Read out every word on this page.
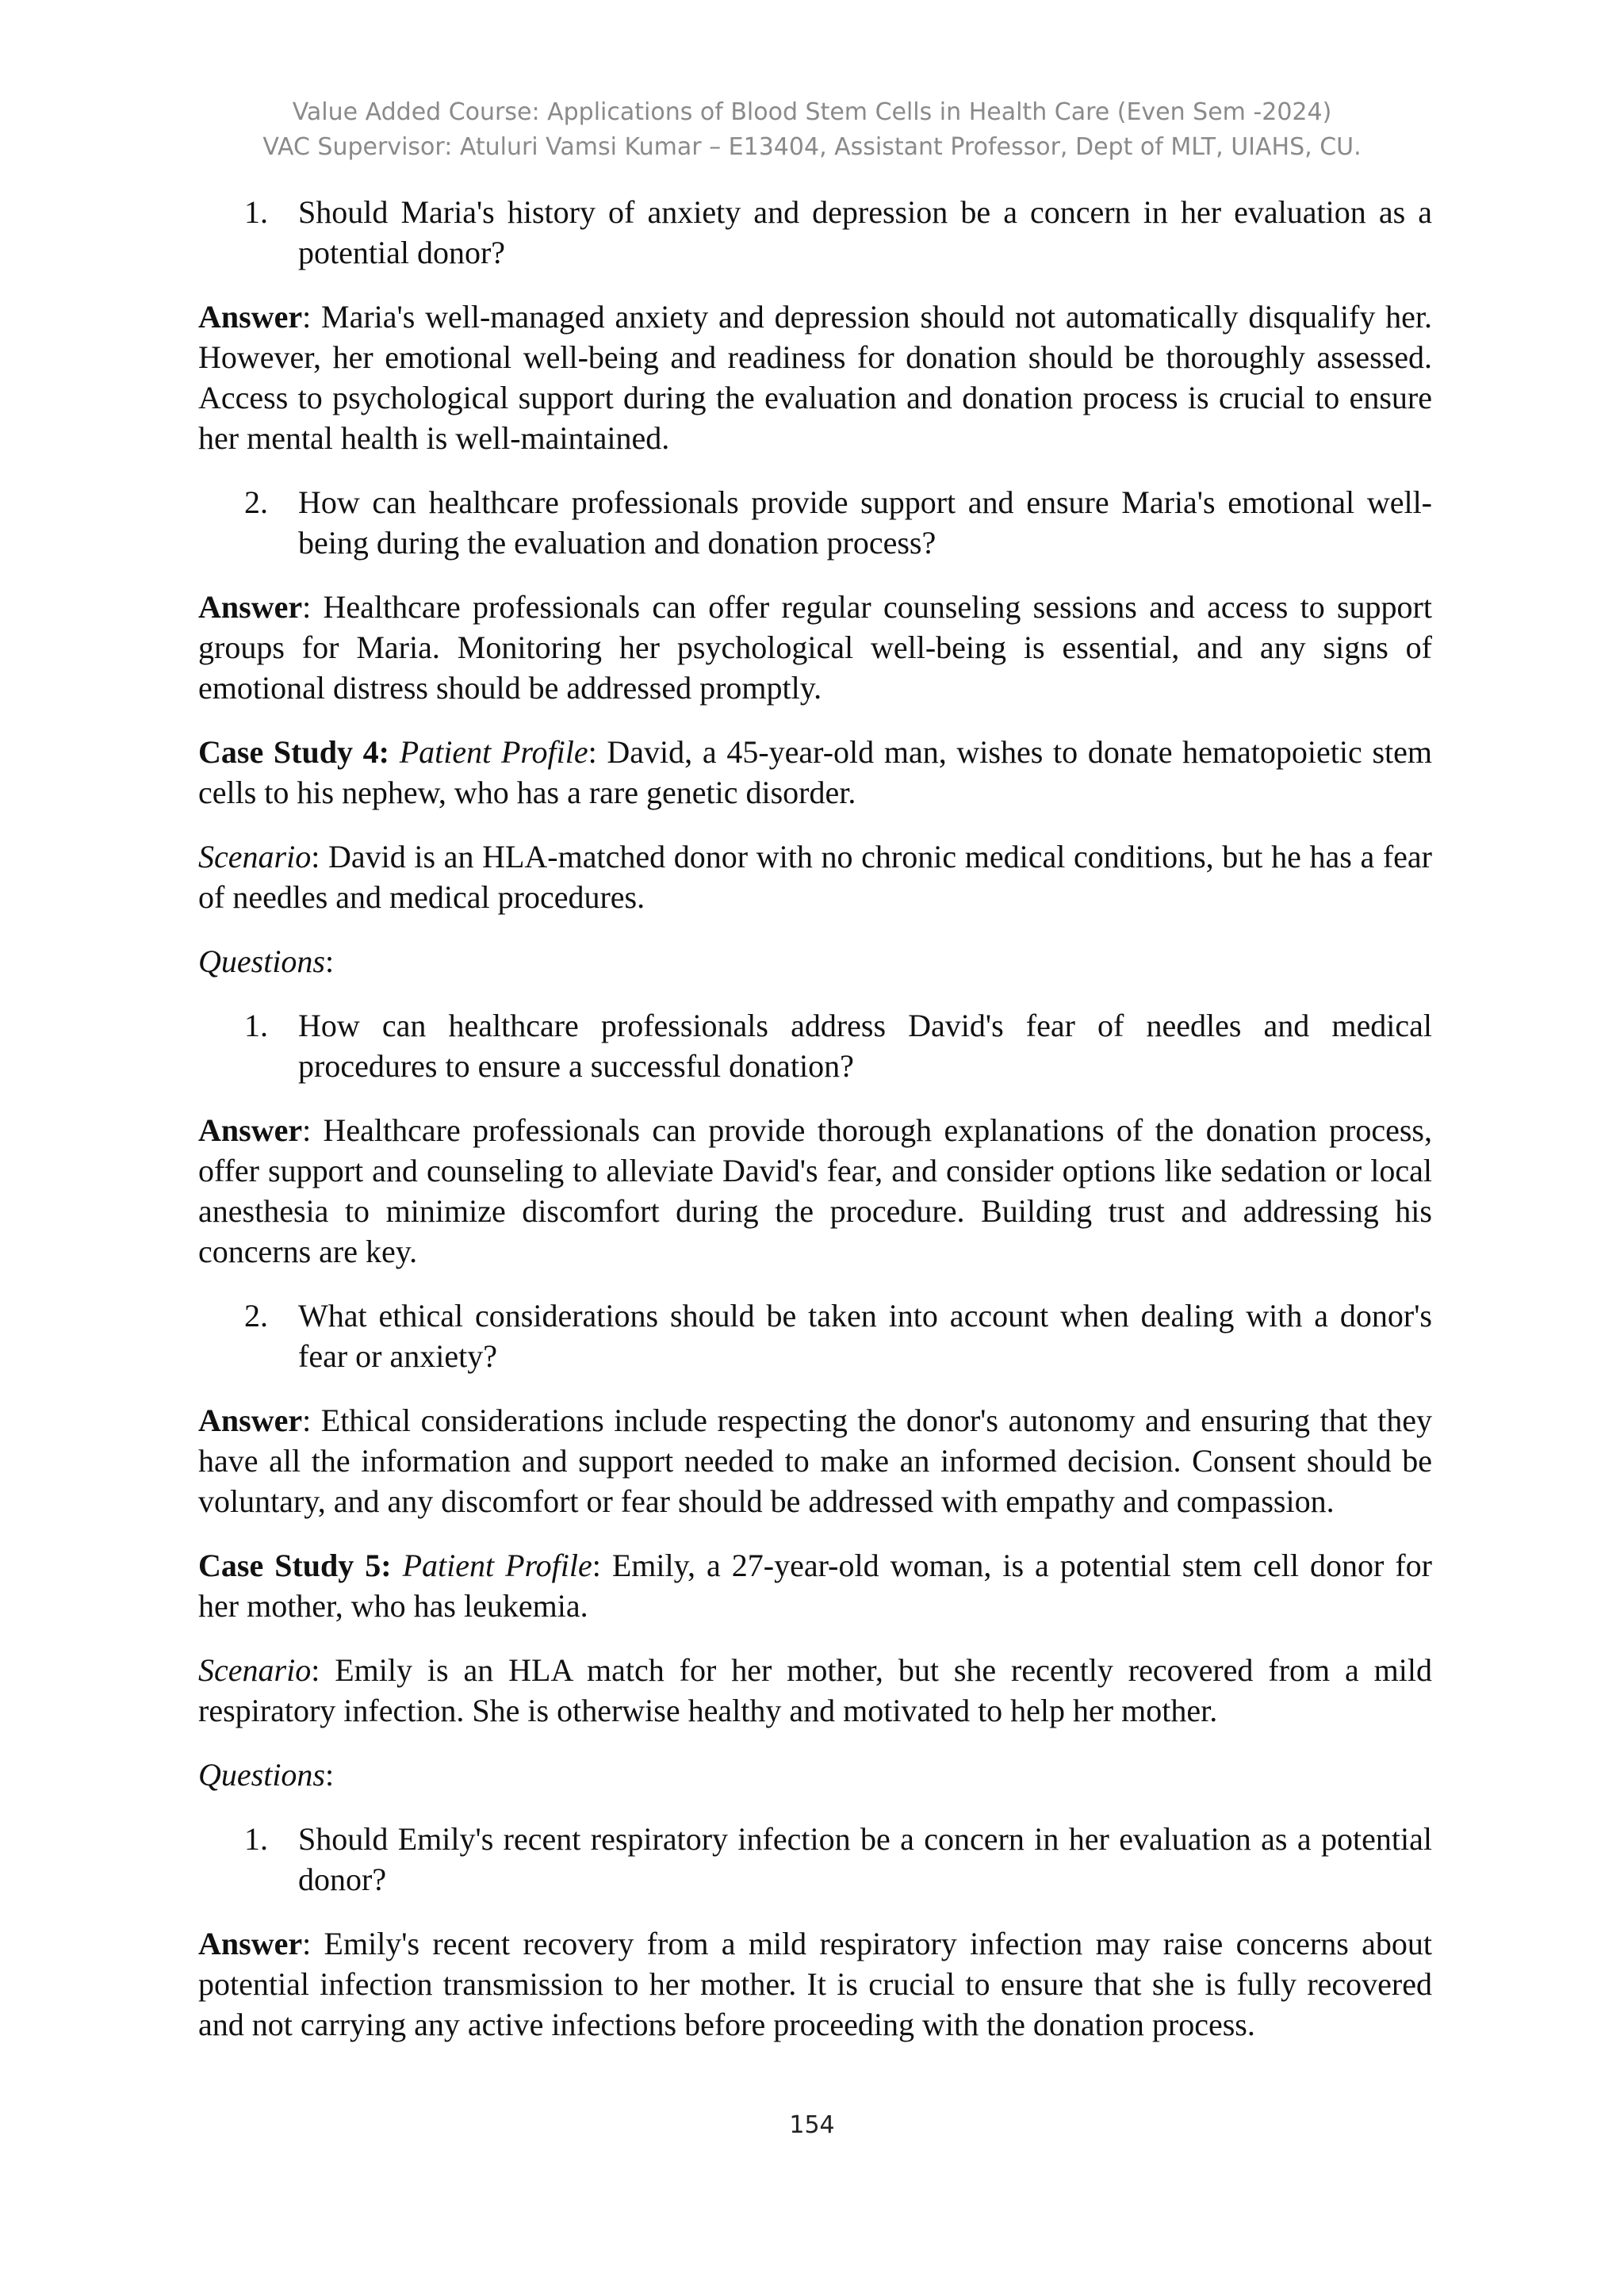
Value Added Course: Applications of Blood Stem Cells in Health Care (Even Sem -2024)
VAC Supervisor: Atuluri Vamsi Kumar – E13404, Assistant Professor, Dept of MLT, UIAHS, CU.
1. Should Maria's history of anxiety and depression be a concern in her evaluation as a potential donor?

Answer: Maria's well-managed anxiety and depression should not automatically disqualify her. However, her emotional well-being and readiness for donation should be thoroughly assessed. Access to psychological support during the evaluation and donation process is crucial to ensure her mental health is well-maintained.

2. How can healthcare professionals provide support and ensure Maria's emotional well-being during the evaluation and donation process?

Answer: Healthcare professionals can offer regular counseling sessions and access to support groups for Maria. Monitoring her psychological well-being is essential, and any signs of emotional distress should be addressed promptly.

Case Study 4: Patient Profile: David, a 45-year-old man, wishes to donate hematopoietic stem cells to his nephew, who has a rare genetic disorder.

Scenario: David is an HLA-matched donor with no chronic medical conditions, but he has a fear of needles and medical procedures.

Questions:

1. How can healthcare professionals address David's fear of needles and medical procedures to ensure a successful donation?

Answer: Healthcare professionals can provide thorough explanations of the donation process, offer support and counseling to alleviate David's fear, and consider options like sedation or local anesthesia to minimize discomfort during the procedure. Building trust and addressing his concerns are key.

2. What ethical considerations should be taken into account when dealing with a donor's fear or anxiety?

Answer: Ethical considerations include respecting the donor's autonomy and ensuring that they have all the information and support needed to make an informed decision. Consent should be voluntary, and any discomfort or fear should be addressed with empathy and compassion.

Case Study 5: Patient Profile: Emily, a 27-year-old woman, is a potential stem cell donor for her mother, who has leukemia.

Scenario: Emily is an HLA match for her mother, but she recently recovered from a mild respiratory infection. She is otherwise healthy and motivated to help her mother.

Questions:

1. Should Emily's recent respiratory infection be a concern in her evaluation as a potential donor?

Answer: Emily's recent recovery from a mild respiratory infection may raise concerns about potential infection transmission to her mother. It is crucial to ensure that she is fully recovered and not carrying any active infections before proceeding with the donation process.

154
